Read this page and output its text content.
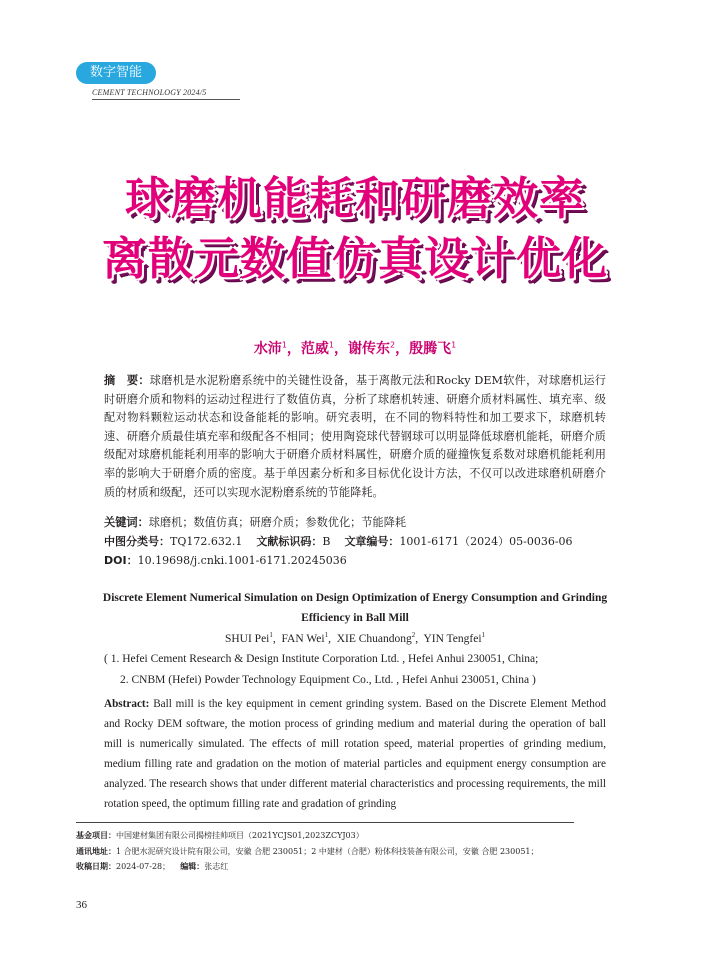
数字智能
CEMENT TECHNOLOGY 2024/5
球磨机能耗和研磨效率
离散元数值仿真设计优化
水沛$^1$，范威$^1$，谢传东$^2$，殷腾飞$^1$
摘　要：球磨机是水泥粉磨系统中的关键性设备，基于离散元法和Rocky DEM软件，对球磨机运行时研磨介质和物料的运动过程进行了数值仿真，分析了球磨机转速、研磨介质材料属性、填充率、级配对物料颗粒运动状态和设备能耗的影响。研究表明，在不同的物料特性和加工要求下，球磨机转速、研磨介质最佳填充率和级配各不相同；使用陶瓷球代替钢球可以明显降低球磨机能耗，研磨介质级配对球磨机能耗利用率的影响大于研磨介质材料属性，研磨介质的碰撞恢复系数对球磨机能耗利用率的影响大于研磨介质的密度。基于单因素分析和多目标优化设计方法，不仅可以改进球磨机研磨介质的材质和级配，还可以实现水泥粉磨系统的节能降耗。
关键词：球磨机；数值仿真；研磨介质；参数优化；节能降耗
中图分类号：TQ172.632.1 文献标识码：B 文章编号：1001-6171（2024）05-0036-06
DOI：10.19698/j.cnki.1001-6171.20245036
Discrete Element Numerical Simulation on Design Optimization of Energy Consumption and Grinding Efficiency in Ball Mill
SHUI Pei$^1$,  FAN Wei$^1$,  XIE Chuandong$^2$,  YIN Tengfei$^1$
( 1. Hefei Cement Research & Design Institute Corporation Ltd. , Hefei Anhui 230051, China;
2. CNBM (Hefei) Powder Technology Equipment Co., Ltd. , Hefei Anhui 230051, China )
Abstract: Ball mill is the key equipment in cement grinding system. Based on the Discrete Element Method and Rocky DEM software, the motion process of grinding medium and material during the operation of ball mill is numerically simulated. The effects of mill rotation speed, material properties of grinding medium, medium filling rate and gradation on the motion of material particles and equipment energy consumption are analyzed. The research shows that under different material characteristics and processing requirements, the mill rotation speed, the optimum filling rate and gradation of grinding
基金项目：中国建材集团有限公司揭榜挂帅项目（2021YCJS01,2023ZCYJ03）
通讯地址：1 合肥水泥研究设计院有限公司，安徽 合肥 230051；2 中建材（合肥）粉体科技装备有限公司，安徽 合肥 230051；
收稿日期：2024-07-28； 编辑：张志红
36
